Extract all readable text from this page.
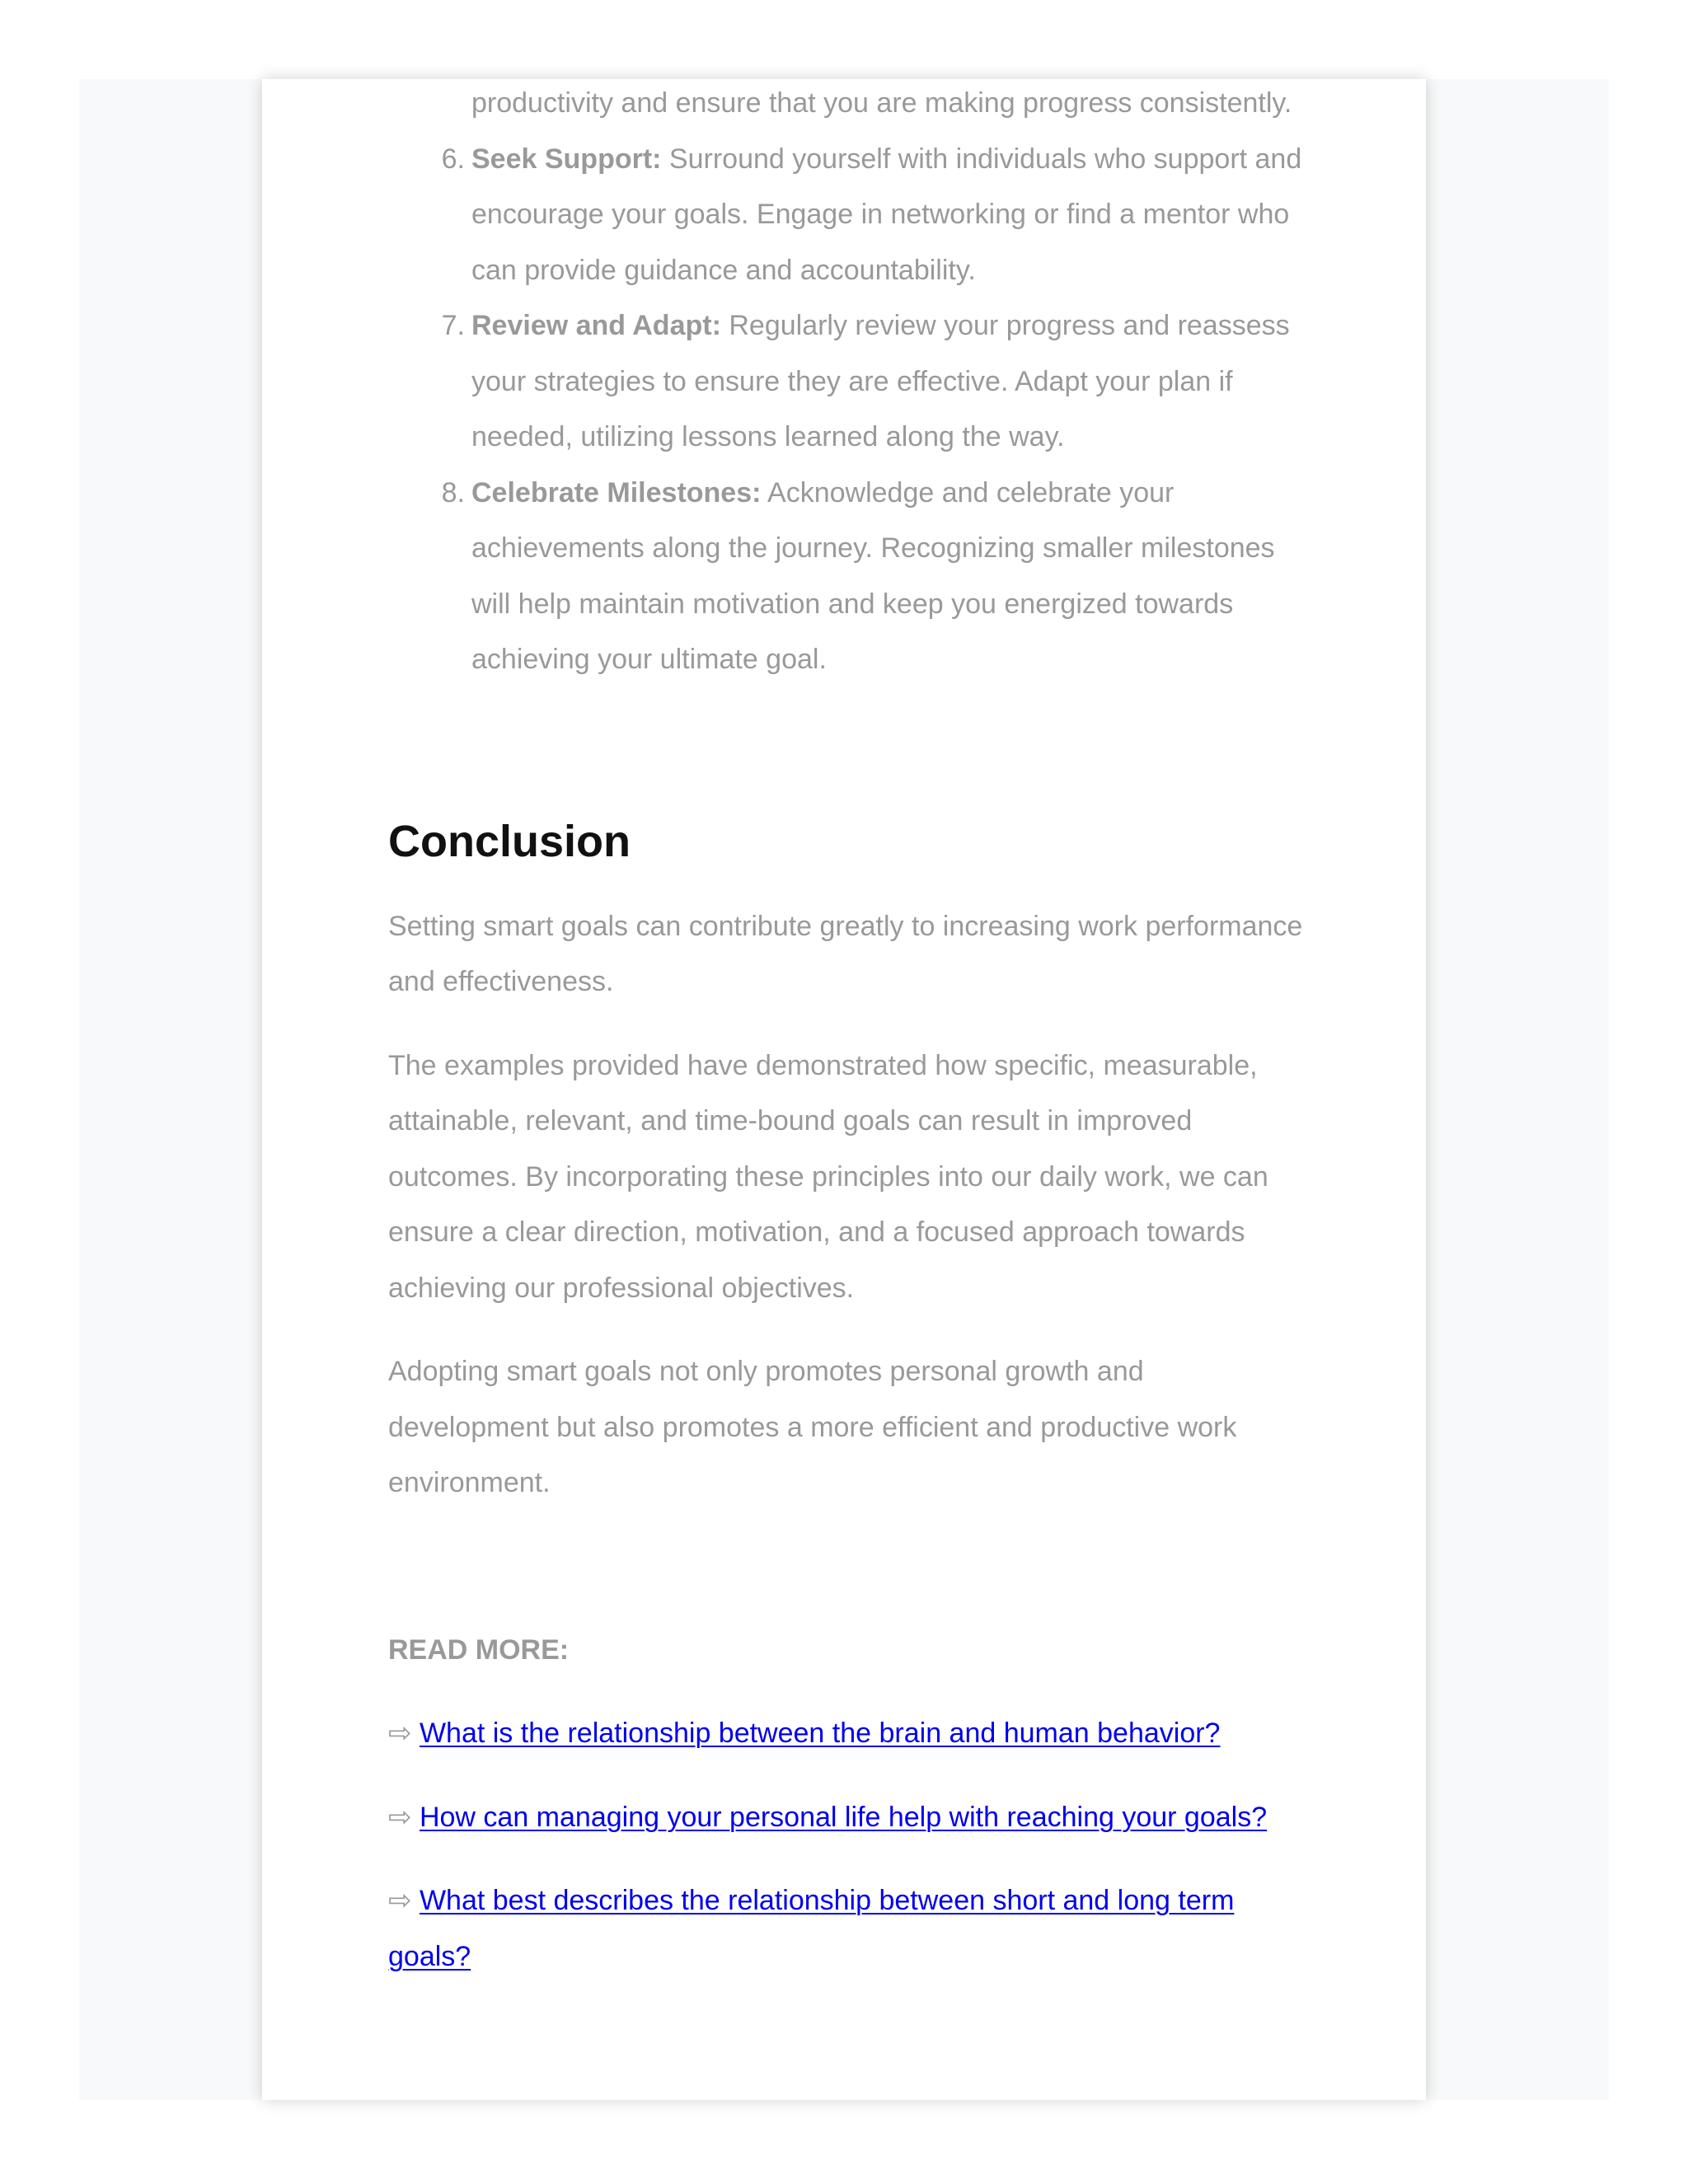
productivity and ensure that you are making progress consistently.
6. Seek Support: Surround yourself with individuals who support and encourage your goals. Engage in networking or find a mentor who can provide guidance and accountability.
7. Review and Adapt: Regularly review your progress and reassess your strategies to ensure they are effective. Adapt your plan if needed, utilizing lessons learned along the way.
8. Celebrate Milestones: Acknowledge and celebrate your achievements along the journey. Recognizing smaller milestones will help maintain motivation and keep you energized towards achieving your ultimate goal.
Conclusion

Setting smart goals can contribute greatly to increasing work performance and effectiveness.

The examples provided have demonstrated how specific, measurable, attainable, relevant, and time-bound goals can result in improved outcomes. By incorporating these principles into our daily work, we can ensure a clear direction, motivation, and a focused approach towards achieving our professional objectives.

Adopting smart goals not only promotes personal growth and development but also promotes a more efficient and productive work environment.

READ MORE:
⇨ What is the relationship between the brain and human behavior?
⇨ How can managing your personal life help with reaching your goals?
⇨ What best describes the relationship between short and long term goals?
